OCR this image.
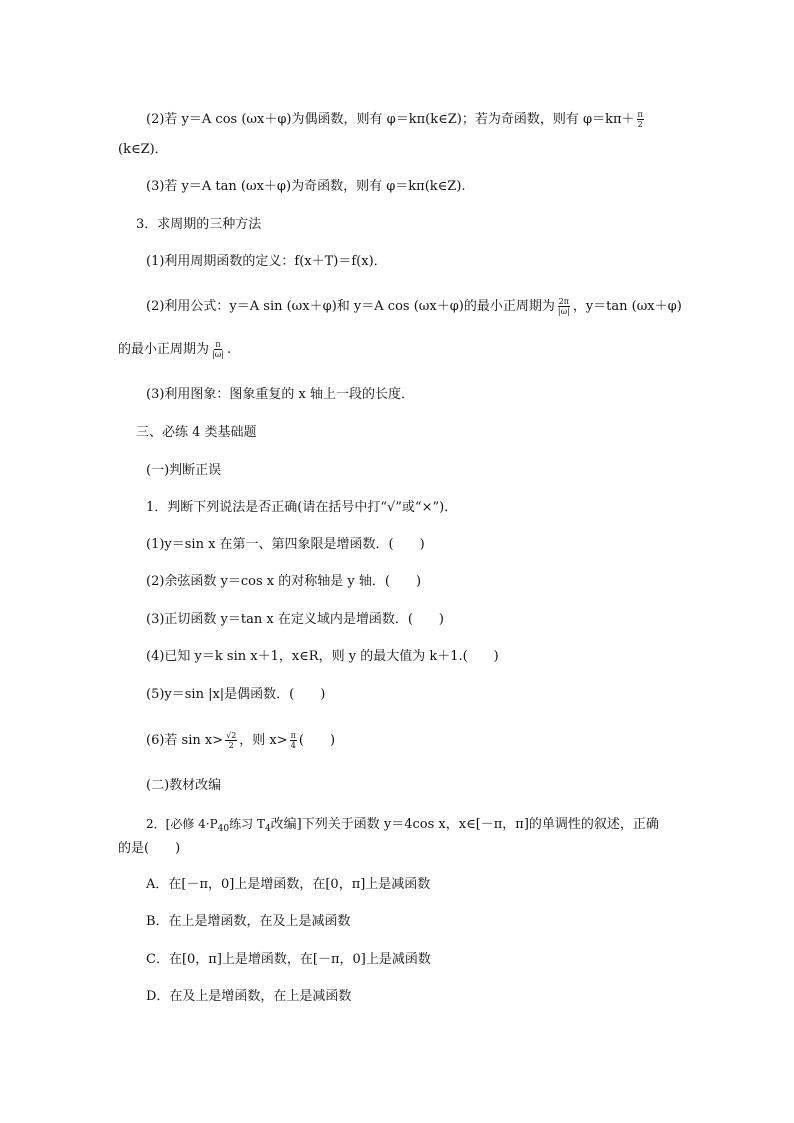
(2)若 y＝A cos (ωx＋φ)为偶函数，则有 φ＝kπ(k∈Z)；若为奇函数，则有 $\varphi=k\pi+ \frac{\pi}{2}$
(k∈Z)．
(3)若 y＝A tan (ωx＋φ)为奇函数，则有 φ＝kπ(k∈Z).
3．求周期的三种方法
(1)利用周期函数的定义：f(x＋T)＝f(x)．
(2)利用公式：y＝A sin (ωx＋φ)和 y＝A cos (ωx＋φ)的最小正周期为 $\frac{2\pi}{|\omega|}$ ，y＝tan (ωx＋φ)
的最小正周期为 $\frac{\pi}{|\omega|}$ .
(3)利用图象：图象重复的 x 轴上一段的长度．
三、必练 4 类基础题
(一)判断正误
1．判断下列说法是否正确(请在括号中打“√”或“×”)．
(1)y＝sin x 在第一、第四象限是增函数．(　　)
(2)余弦函数 y＝cos x 的对称轴是 y 轴．(　　)
(3)正切函数 y＝tan x 在定义域内是增函数．(　　)
(4)已知 y＝k sin x＋1，x∈R，则 y 的最大值为 k＋1.(　　)
(5)y＝sin |x|是偶函数．(　　)
(6)若 $\sin x> \frac{√2}{2}$ ，则 $x> \frac{\pi}{4}$ (　　)
(二)教材改编
2．[必修 $4\cdot P_{40}$练习 $T_4$改编]下列关于函数 y＝4cos x，x∈[－π，π]的单调性的叙述，正确
的是(　　)
A．在[－π，0]上是增函数，在[0，π]上是减函数
B．在上是增函数，在及上是减函数
C．在[0，π]上是增函数，在[－π，0]上是减函数
D．在及上是增函数，在上是减函数
